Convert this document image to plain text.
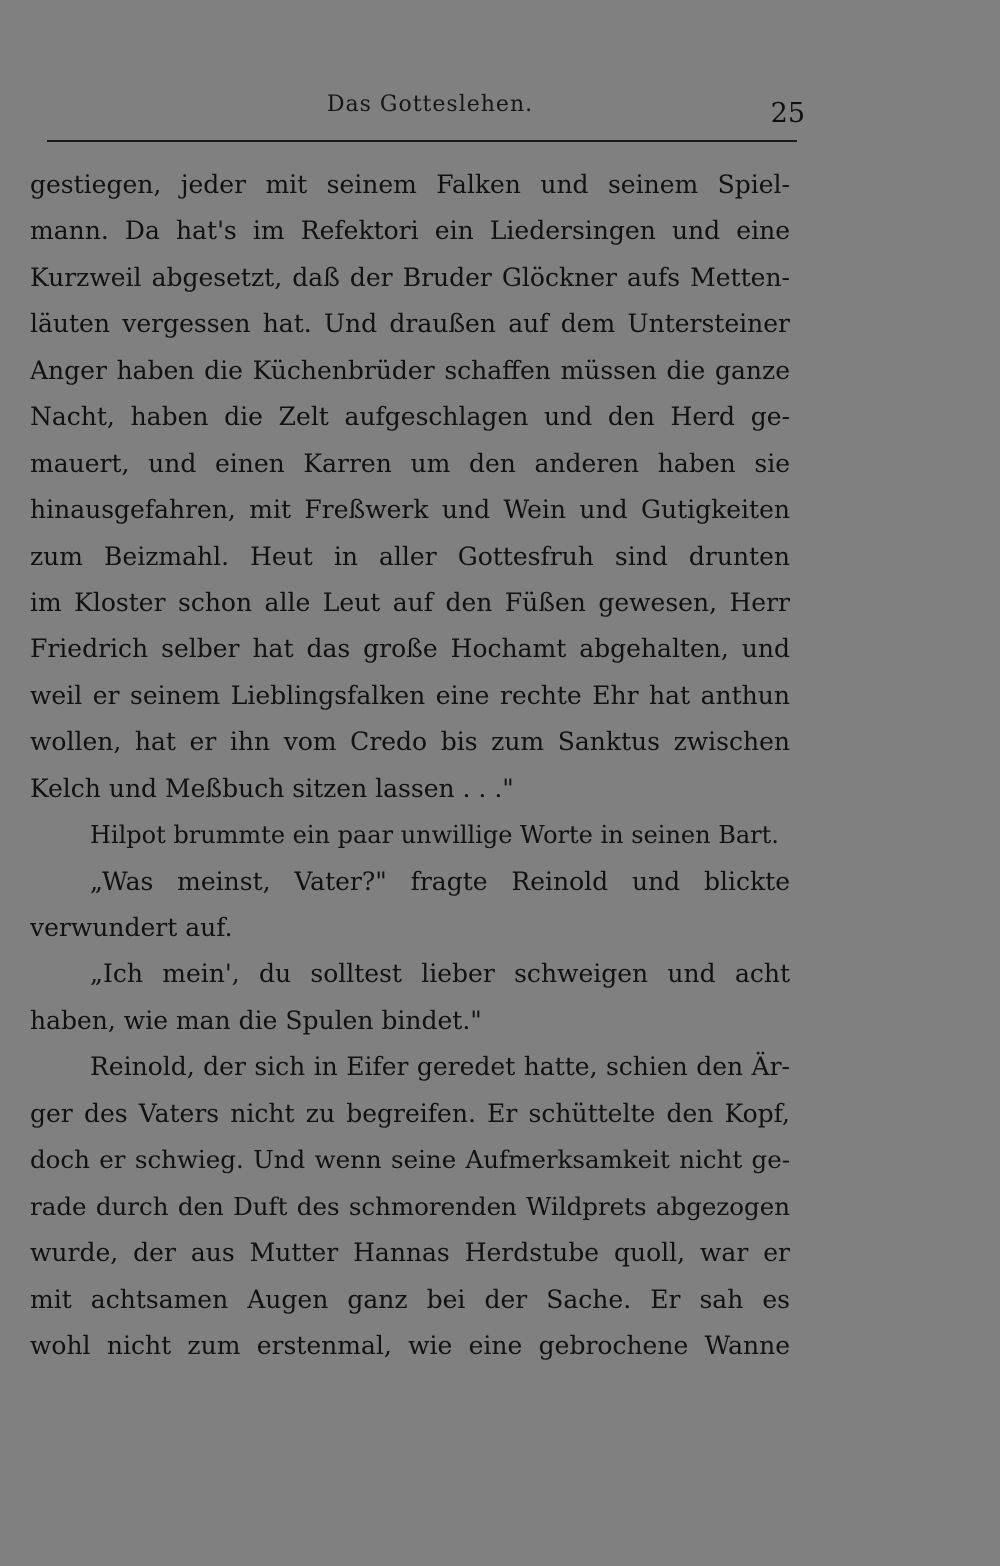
Das Gotteslehen.	25
gestiegen, jeder mit seinem Falken und seinem Spiel-
mann. Da hat's im Refektori ein Liedersingen und eine
Kurzweil abgesetzt, daß der Bruder Glöckner aufs Metten-
läuten vergessen hat. Und draußen auf dem Untersteiner
Anger haben die Küchenbrüder schaffen müssen die ganze
Nacht, haben die Zelt aufgeschlagen und den Herd ge-
mauert, und einen Karren um den anderen haben sie
hinausgefahren, mit Freßwerk und Wein und Gutigkeiten
zum Beizmahl. Heut in aller Gottesfruh sind drunten
im Kloster schon alle Leut auf den Füßen gewesen, Herr
Friedrich selber hat das große Hochamt abgehalten, und
weil er seinem Lieblingsfalken eine rechte Ehr hat anthun
wollen, hat er ihn vom Credo bis zum Sanktus zwischen
Kelch und Meßbuch sitzen lassen . . ."
Hilpot brummte ein paar unwillige Worte in seinen Bart.
„Was meinst, Vater?" fragte Reinold und blickte
verwundert auf.
„Ich mein', du solltest lieber schweigen und acht
haben, wie man die Spulen bindet."
Reinold, der sich in Eifer geredet hatte, schien den Är-
ger des Vaters nicht zu begreifen. Er schüttelte den Kopf,
doch er schwieg. Und wenn seine Aufmerksamkeit nicht ge-
rade durch den Duft des schmorenden Wildprets abgezogen
wurde, der aus Mutter Hannas Herdstube quoll, war er
mit achtsamen Augen ganz bei der Sache. Er sah es
wohl nicht zum erstenmal, wie eine gebrochene Wanne
